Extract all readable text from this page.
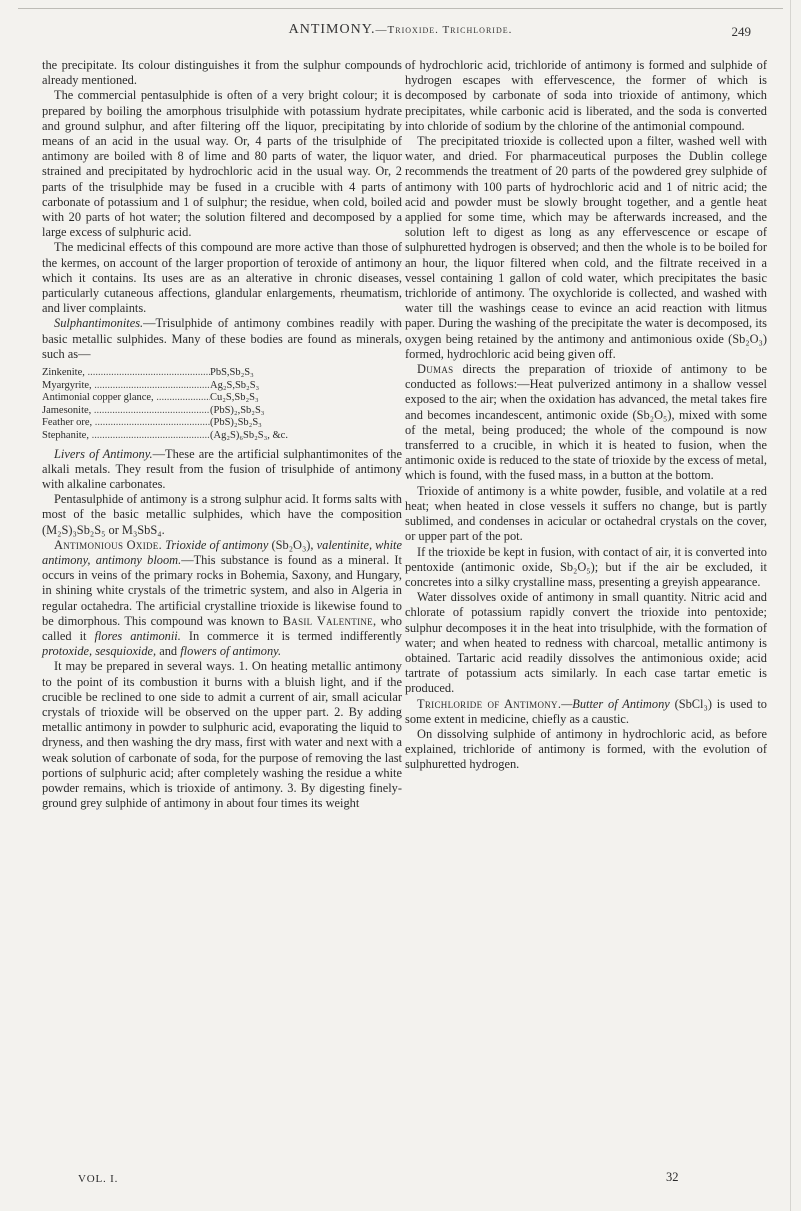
ANTIMONY.—Trioxide. Trichloride.	249

the precipitate. Its colour distinguishes it from the sulphur compounds already mentioned.

The commercial pentasulphide is often of a very bright colour; it is prepared by boiling the amorphous trisulphide with potassium hydrate and ground sulphur, and after filtering off the liquor, precipitating by means of an acid in the usual way. Or, 4 parts of the trisulphide of antimony are boiled with 8 of lime and 80 parts of water, the liquor strained and precipitated by hydrochloric acid in the usual way. Or, 2 parts of the trisulphide may be fused in a crucible with 4 parts of carbonate of potassium and 1 of sulphur; the residue, when cold, boiled with 20 parts of hot water; the solution filtered and decomposed by a large excess of sulphuric acid.

The medicinal effects of this compound are more active than those of the kermes, on account of the larger proportion of teroxide of antimony which it contains. Its uses are as an alterative in chronic diseases, particularly cutaneous affections, glandular enlargements, rheumatism, and liver complaints.

Sulphantimonites.—Trisulphide of antimony combines readily with basic metallic sulphides. Many of these bodies are found as minerals, such as—

Zinkenite, .....	PbS,Sb₂S₃
Myargyrite, .....	Ag₂S,Sb₂S₃
Antimonial copper glance, .....	Cu₂S,Sb₂S₃
Jamesonite, .....	(PbS)₂,Sb₂S₃
Feather ore, .....	(PbS)₂Sb₂S₃
Stephanite, .....	(Ag₂S)₆Sb₂S₃, &c.

Livers of Antimony.—These are the artificial sulphantimonites of the alkali metals. They result from the fusion of trisulphide of antimony with alkaline carbonates.

Pentasulphide of antimony is a strong sulphur acid. It forms salts with most of the basic metallic sulphides, which have the composition (M₂S)₃Sb₂S₅ or M₃SbS₄.

Antimonious Oxide. Trioxide of antimony (Sb₂O₃), valentinite, white antimony, antimony bloom.—This substance is found as a mineral. It occurs in veins of the primary rocks in Bohemia, Saxony, and Hungary, in shining white crystals of the trimetric system, and also in Algeria in regular octahedra. The artificial crystalline trioxide is likewise found to be dimorphous. This compound was known to Basil Valentine, who called it flores antimonii. In commerce it is termed indifferently protoxide, sesquioxide, and flowers of antimony.

It may be prepared in several ways. 1. On heating metallic antimony to the point of its combustion it burns with a bluish light, and if the crucible be reclined to one side to admit a current of air, small acicular crystals of trioxide will be observed on the upper part. 2. By adding metallic antimony in powder to sulphuric acid, evaporating the liquid to dryness, and then washing the dry mass, first with water and next with a weak solution of carbonate of soda, for the purpose of removing the last portions of sulphuric acid; after completely washing the residue a white powder remains, which is trioxide of antimony. 3. By digesting finely-ground grey sulphide of antimony in about four times its weight

of hydrochloric acid, trichloride of antimony is formed and sulphide of hydrogen escapes with effervescence, the former of which is decomposed by carbonate of soda into trioxide of antimony, which precipitates, while carbonic acid is liberated, and the soda is converted into chloride of sodium by the chlorine of the antimonial compound.

The precipitated trioxide is collected upon a filter, washed well with water, and dried. For pharmaceutical purposes the Dublin college recommends the treatment of 20 parts of the powdered grey sulphide of antimony with 100 parts of hydrochloric acid and 1 of nitric acid; the acid and powder must be slowly brought together, and a gentle heat applied for some time, which may be afterwards increased, and the solution left to digest as long as any effervescence or escape of sulphuretted hydrogen is observed; and then the whole is to be boiled for an hour, the liquor filtered when cold, and the filtrate received in a vessel containing 1 gallon of cold water, which precipitates the basic trichloride of antimony. The oxychloride is collected, and washed with water till the washings cease to evince an acid reaction with litmus paper. During the washing of the precipitate the water is decomposed, its oxygen being retained by the antimony and antimonious oxide (Sb₂O₃) formed, hydrochloric acid being given off.

Dumas directs the preparation of trioxide of antimony to be conducted as follows:—Heat pulverized antimony in a shallow vessel exposed to the air; when the oxidation has advanced, the metal takes fire and becomes incandescent, antimonic oxide (Sb₂O₅), mixed with some of the metal, being produced; the whole of the compound is now transferred to a crucible, in which it is heated to fusion, when the antimonic oxide is reduced to the state of trioxide by the excess of metal, which is found, with the fused mass, in a button at the bottom.

Trioxide of antimony is a white powder, fusible, and volatile at a red heat; when heated in close vessels it suffers no change, but is partly sublimed, and condenses in acicular or octahedral crystals on the cover, or upper part of the pot.

If the trioxide be kept in fusion, with contact of air, it is converted into pentoxide (antimonic oxide, Sb₂O₅); but if the air be excluded, it concretes into a silky crystalline mass, presenting a greyish appearance.

Water dissolves oxide of antimony in small quantity. Nitric acid and chlorate of potassium rapidly convert the trioxide into pentoxide; sulphur decomposes it in the heat into trisulphide, with the formation of water; and when heated to redness with charcoal, metallic antimony is obtained. Tartaric acid readily dissolves the antimonious oxide; acid tartrate of potassium acts similarly. In each case tartar emetic is produced.

Trichloride of Antimony.—Butter of Antimony (SbCl₃) is used to some extent in medicine, chiefly as a caustic.

On dissolving sulphide of antimony in hydrochloric acid, as before explained, trichloride of antimony is formed, with the evolution of sulphuretted hydrogen.

VOL. I.	32
